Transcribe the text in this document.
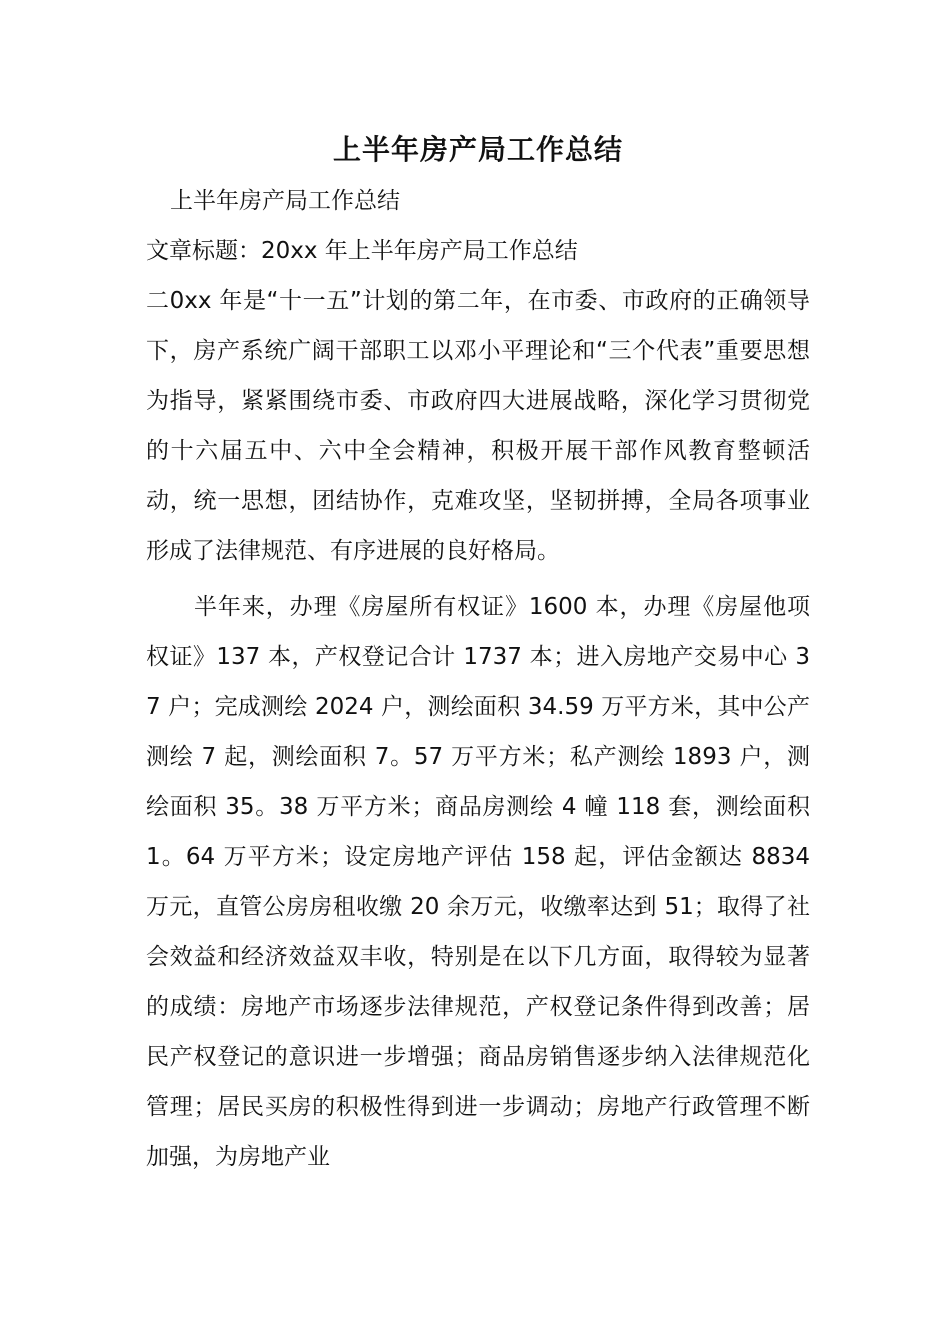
上半年房产局工作总结
上半年房产局工作总结
文章标题：20xx 年上半年房产局工作总结

二0xx 年是“十一五”计划的第二年，在市委、市政府的正确领导下，房产系统广阔干部职工以邓小平理论和“三个代表”重要思想为指导，紧紧围绕市委、市政府四大进展战略，深化学习贯彻党的十六届五中、六中全会精神，积极开展干部作风教育整顿活动，统一思想，团结协作，克难攻坚，坚韧拼搏，全局各项事业形成了法律规范、有序进展的良好格局。

半年来，办理《房屋所有权证》1600 本，办理《房屋他项权证》137 本，产权登记合计 1737 本；进入房地产交易中心 37 户；完成测绘 2024 户，测绘面积 34.59 万平方米，其中公产测绘 7 起，测绘面积 7。57 万平方米；私产测绘 1893 户，测绘面积 35。38 万平方米；商品房测绘 4 幢 118 套，测绘面积 1。64 万平方米；设定房地产评估 158 起，评估金额达 8834 万元，直管公房房租收缴 20 余万元，收缴率达到 51；取得了社会效益和经济效益双丰收，特别是在以下几方面，取得较为显著的成绩：房地产市场逐步法律规范，产权登记条件得到改善；居民产权登记的意识进一步增强；商品房销售逐步纳入法律规范化管理；居民买房的积极性得到进一步调动；房地产行政管理不断加强，为房地产业
